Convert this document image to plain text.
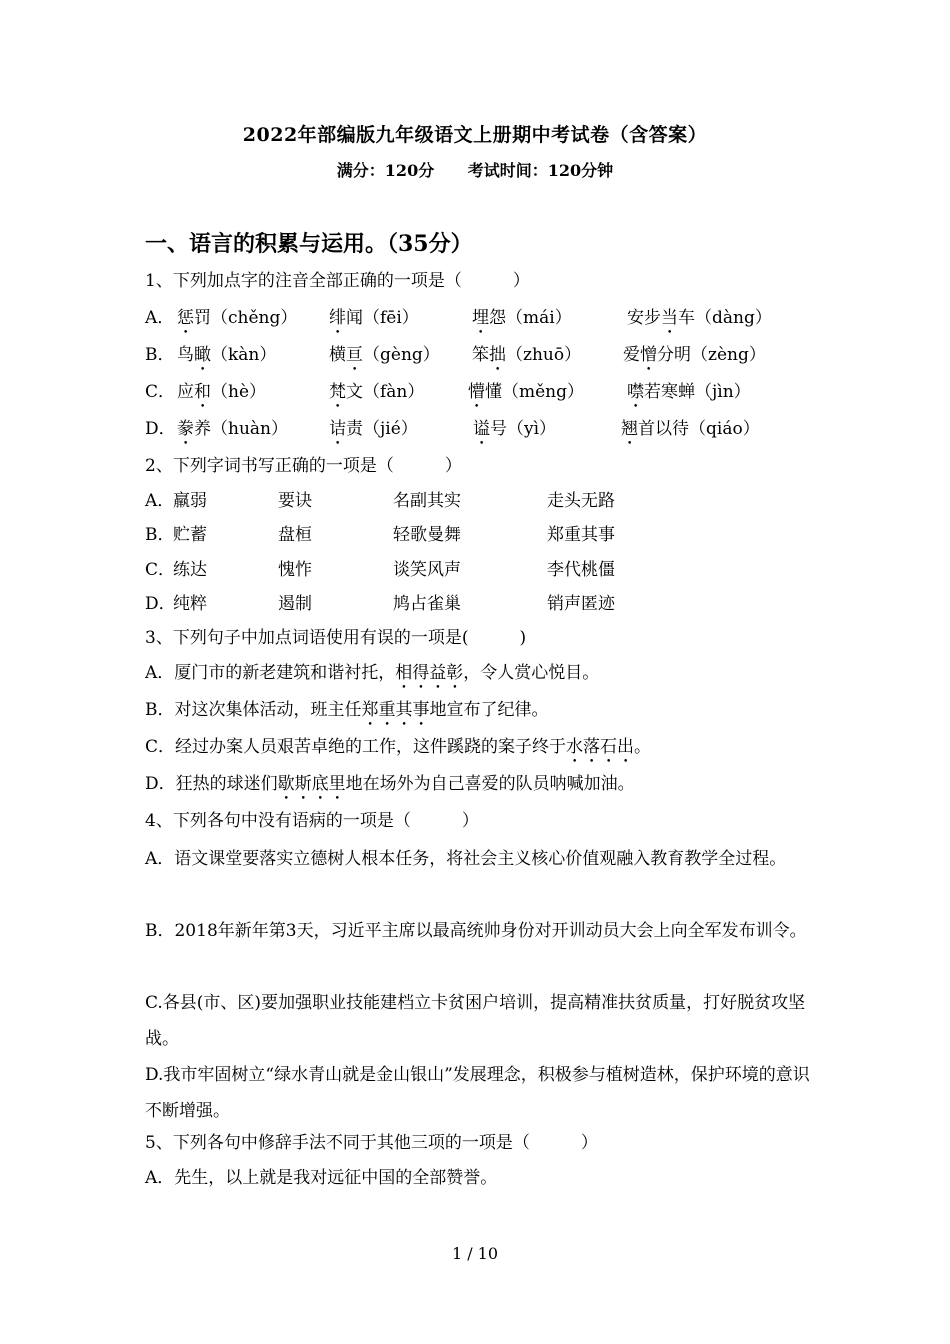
2022年部编版九年级语文上册期中考试卷（含答案）
满分：120分 考试时间：120分钟
一、语言的积累与运用。（35分）
1、下列加点字的注音全部正确的一项是（　　　）
A． 惩罚（chěng） 绯闻（fēi）	埋怨（mái）	安步当车（dàng）
B． 鸟瞰（kàn）	横亘（gèng） 笨拙（zhuō） 爱憎分明（zèng）
C． 应和（hè）	梵文（fàn）	懵懂（měng）	噤若寒蝉（jìn）
D． 豢养（huàn） 诘责（jié）	谥号（yì）	翘首以待（qiáo）
2、下列字词书写正确的一项是（　　　）
A．
羸弱	要诀	名副其实	走头无路
B．
贮蓄	盘桓	轻歌曼舞	郑重其事
C．
练达	愧怍	谈笑风声	李代桃僵
D．
纯粹	遏制	鸠占雀巢	销声匿迹
3、下列句子中加点词语使用有误的一项是(　　　)
A．厦门市的新老建筑和谐衬托，相得益彰，令人赏心悦目。
B．对这次集体活动，班主任郑重其事地宣布了纪律。
C．经过办案人员艰苦卓绝的工作，这件蹊跷的案子终于水落石出。
D．狂热的球迷们歇斯底里地在场外为自己喜爱的队员呐喊加油。
4、下列各句中没有语病的一项是（　　　）
A．语文课堂要落实立德树人根本任务，将社会主义核心价值观融入教育教学全过程。
B．2018年新年第3天，习近平主席以最高统帅身份对开训动员大会上向全军发布训令。
C.各县(市、区)要加强职业技能建档立卡贫困户培训，提高精准扶贫质量，打好脱贫攻坚战。
D.我市牢固树立“绿水青山就是金山银山”发展理念，积极参与植树造林，保护环境的意识不断增强。
5、下列各句中修辞手法不同于其他三项的一项是（　　　）
A．先生，以上就是我对远征中国的全部赞誉。
1 / 10
